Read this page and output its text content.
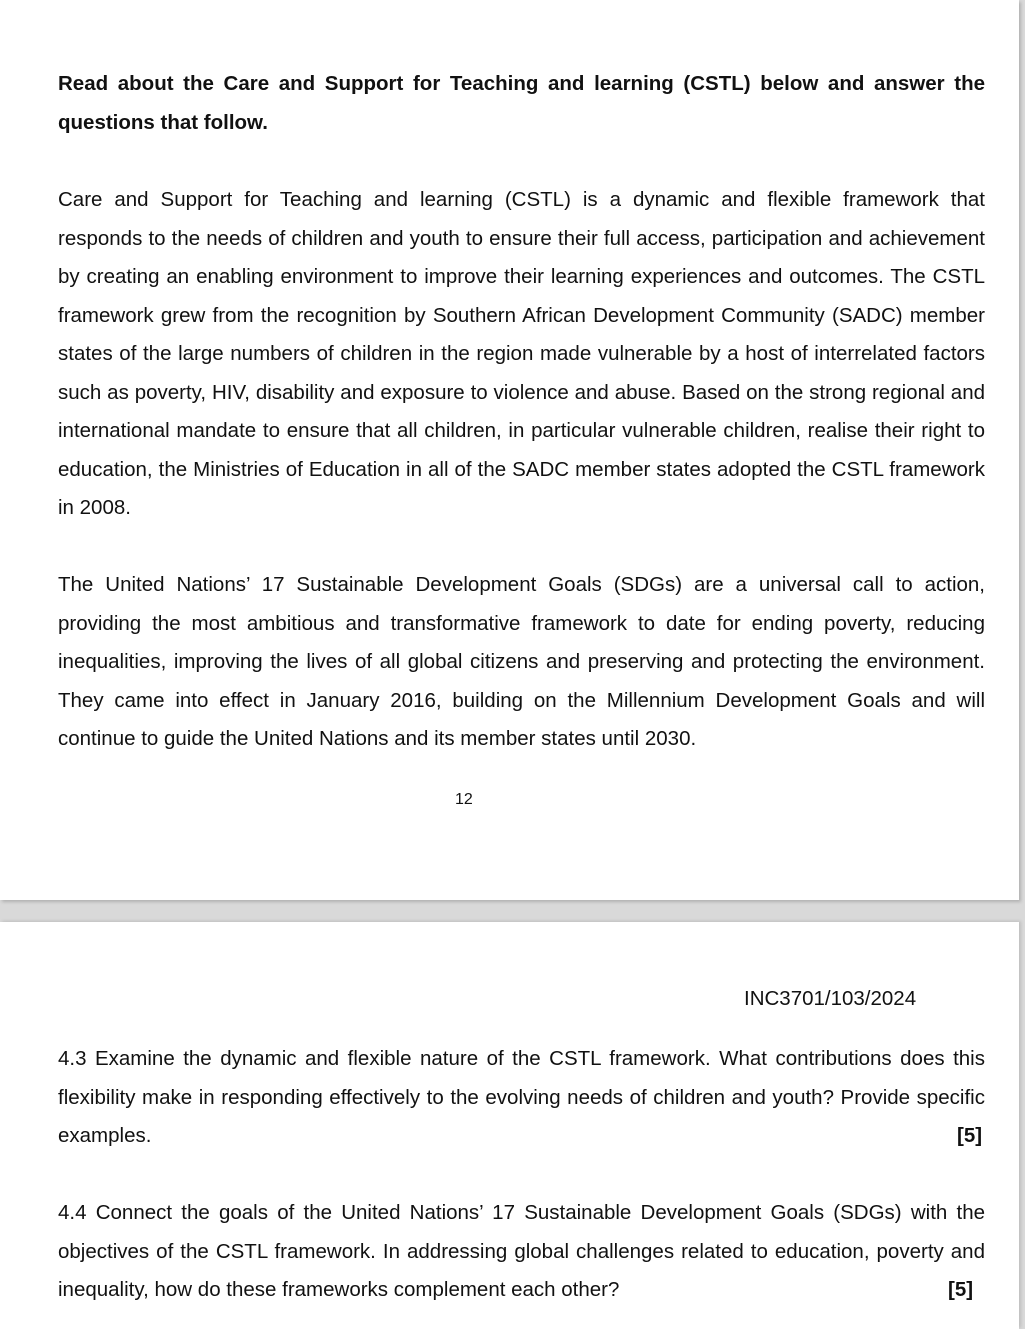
Read about the Care and Support for Teaching and learning (CSTL) below and answer the questions that follow.

Care and Support for Teaching and learning (CSTL) is a dynamic and flexible framework that responds to the needs of children and youth to ensure their full access, participation and achievement by creating an enabling environment to improve their learning experiences and outcomes. The CSTL framework grew from the recognition by Southern African Development Community (SADC) member states of the large numbers of children in the region made vulnerable by a host of interrelated factors such as poverty, HIV, disability and exposure to violence and abuse. Based on the strong regional and international mandate to ensure that all children, in particular vulnerable children, realise their right to education, the Ministries of Education in all of the SADC member states adopted the CSTL framework in 2008.

The United Nations’ 17 Sustainable Development Goals (SDGs) are a universal call to action, providing the most ambitious and transformative framework to date for ending poverty, reducing inequalities, improving the lives of all global citizens and preserving and protecting the environment. They came into effect in January 2016, building on the Millennium Development Goals and will continue to guide the United Nations and its member states until 2030.

12
INC3701/103/2024

4.3 Examine the dynamic and flexible nature of the CSTL framework. What contributions does this flexibility make in responding effectively to the evolving needs of children and youth? Provide specific examples.	[5]

4.4 Connect the goals of the United Nations’ 17 Sustainable Development Goals (SDGs) with the objectives of the CSTL framework. In addressing global challenges related to education, poverty and inequality, how do these frameworks complement each other?	[5]
